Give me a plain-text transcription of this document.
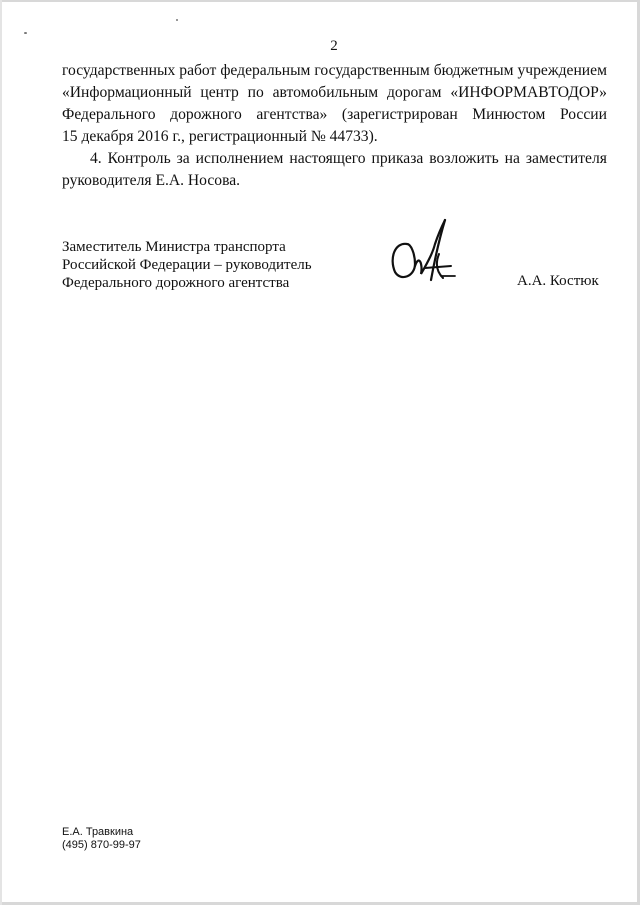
2
государственных работ федеральным государственным бюджетным учреждением
«Информационный центр по автомобильным дорогам «ИНФОРМАВТОДОР»
Федерального дорожного агентства» (зарегистрирован Минюстом России
15 декабря 2016 г., регистрационный № 44733).
4. Контроль за исполнением настоящего приказа возложить на заместителя
руководителя Е.А. Носова.
Заместитель Министра транспорта
Российской Федерации – руководитель
Федерального дорожного агентства	А.А. Костюк
Е.А. Травкина
(495) 870-99-97
